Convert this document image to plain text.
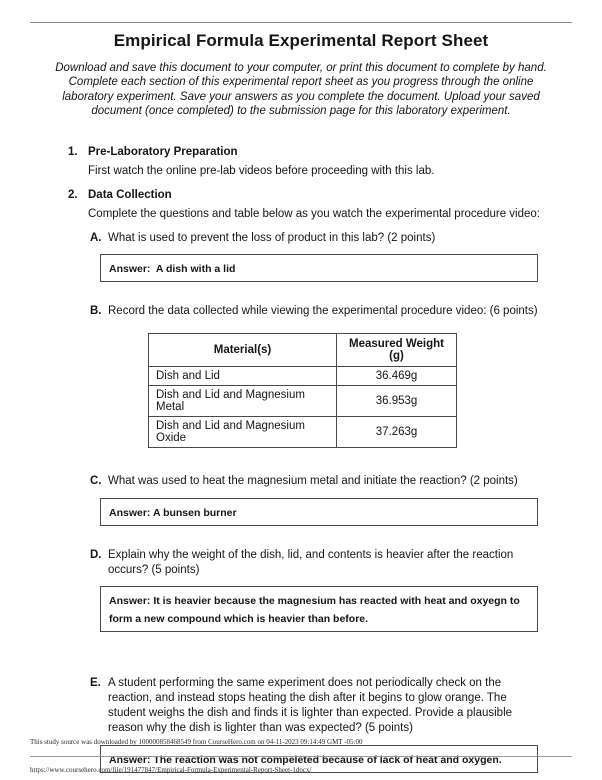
Empirical Formula Experimental Report Sheet

Download and save this document to your computer, or print this document to complete by hand. Complete each section of this experimental report sheet as you progress through the online laboratory experiment. Save your answers as you complete the document. Upload your saved document (once completed) to the submission page for this laboratory experiment.

1. Pre-Laboratory Preparation

First watch the online pre-lab videos before proceeding with this lab.

2. Data Collection

Complete the questions and table below as you watch the experimental procedure video:

A. What is used to prevent the loss of product in this lab? (2 points)
Answer:  A dish with a lid
B. Record the data collected while viewing the experimental procedure video: (6 points)
Material(s)	Measured Weight (g)
Dish and Lid	36.469g
Dish and Lid and Magnesium Metal	36.953g
Dish and Lid and Magnesium Oxide	37.263g
C. What was used to heat the magnesium metal and initiate the reaction? (2 points)
Answer: A bunsen burner
D. Explain why the weight of the dish, lid, and contents is heavier after the reaction occurs? (5 points)
Answer: It is heavier because the magnesium has reacted with heat and oxyegn to form a new compound which is heavier than before.
E. A student performing the same experiment does not periodically check on the reaction, and instead stops heating the dish after it begins to glow orange. The student weighs the dish and finds it is lighter than expected. Provide a plausible reason why the dish is lighter than was expected? (5 points)
Answer: The reaction was not compeleted because of lack of heat and oxygen.
This study source was downloaded by 100000858468549 from CourseHero.com on 04-11-2023 09:14:49 GMT -05:00
https://www.coursehero.com/file/191477847/Empirical-Formula-Experimental-Report-Sheet-1docx/
